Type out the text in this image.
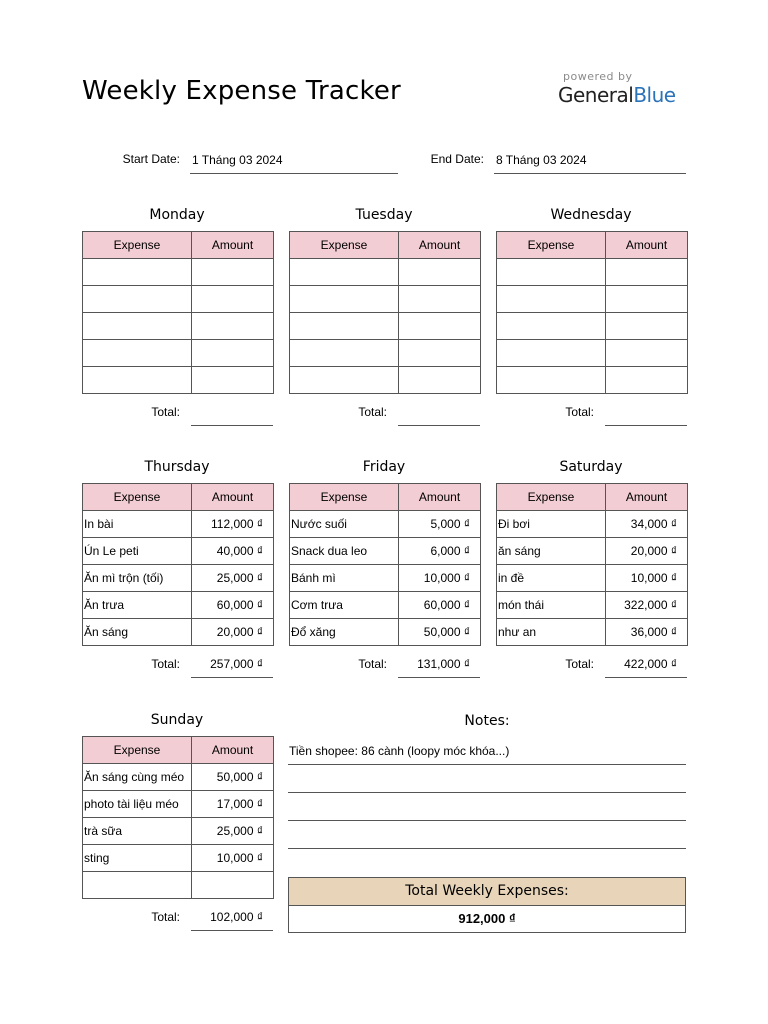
Weekly Expense Tracker	powered by
GeneralBlue
Start Date: 1 Tháng 03 2024	End Date: 8 Tháng 03 2024
Monday
Expense	Amount

Total:
Tuesday
Expense	Amount

Total:
Wednesday
Expense	Amount

Total:
Thursday
Expense	Amount
In bài	112,000 ₫
Ún Le peti	40,000 ₫
Ăn mì trộn (tối)	25,000 ₫
Ăn trưa	60,000 ₫
Ăn sáng	20,000 ₫
Total:	257,000 ₫
Friday
Expense	Amount
Nước suối	5,000 ₫
Snack dua leo	6,000 ₫
Bánh mì	10,000 ₫
Cơm trưa	60,000 ₫
Đổ xăng	50,000 ₫
Total:	131,000 ₫
Saturday
Expense	Amount
Đi bơi	34,000 ₫
ăn sáng	20,000 ₫
in đề	10,000 ₫
món thái	322,000 ₫
như an	36,000 ₫
Total:	422,000 ₫
Sunday
Expense	Amount
Ăn sáng cùng méo	50,000 ₫
photo tài liệu méo	17,000 ₫
trà sữa	25,000 ₫
sting	10,000 ₫

Total:	102,000 ₫
Notes:
Tiền shopee: 86 cành (loopy móc khóa...)
Total Weekly Expenses:
912,000 ₫
